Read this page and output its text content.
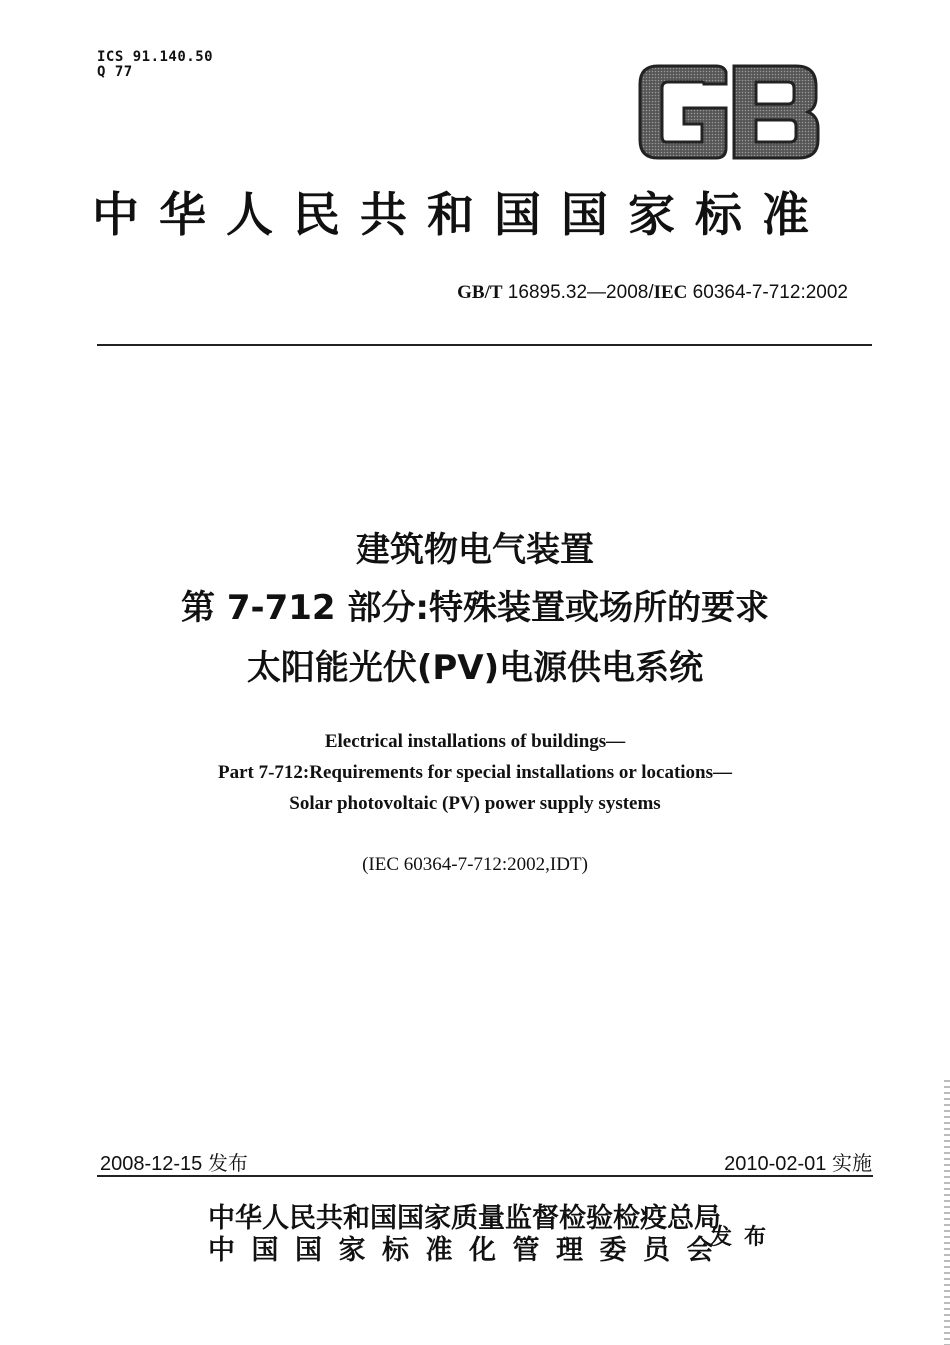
ICS 91.140.50
Q 77
中华人民共和国国家标准
GB/T 16895.32—2008/IEC 60364-7-712:2002
建筑物电气装置
第 7-712 部分:特殊装置或场所的要求
太阳能光伏(PV)电源供电系统
Electrical installations of buildings—
Part 7-712:Requirements for special installations or locations—
Solar photovoltaic (PV) power supply systems
(IEC 60364-7-712:2002,IDT)
2008-12-15 发布	2010-02-01 实施
中华人民共和国国家质量监督检验检疫总局
中国国家标准化管理委员会
发布
